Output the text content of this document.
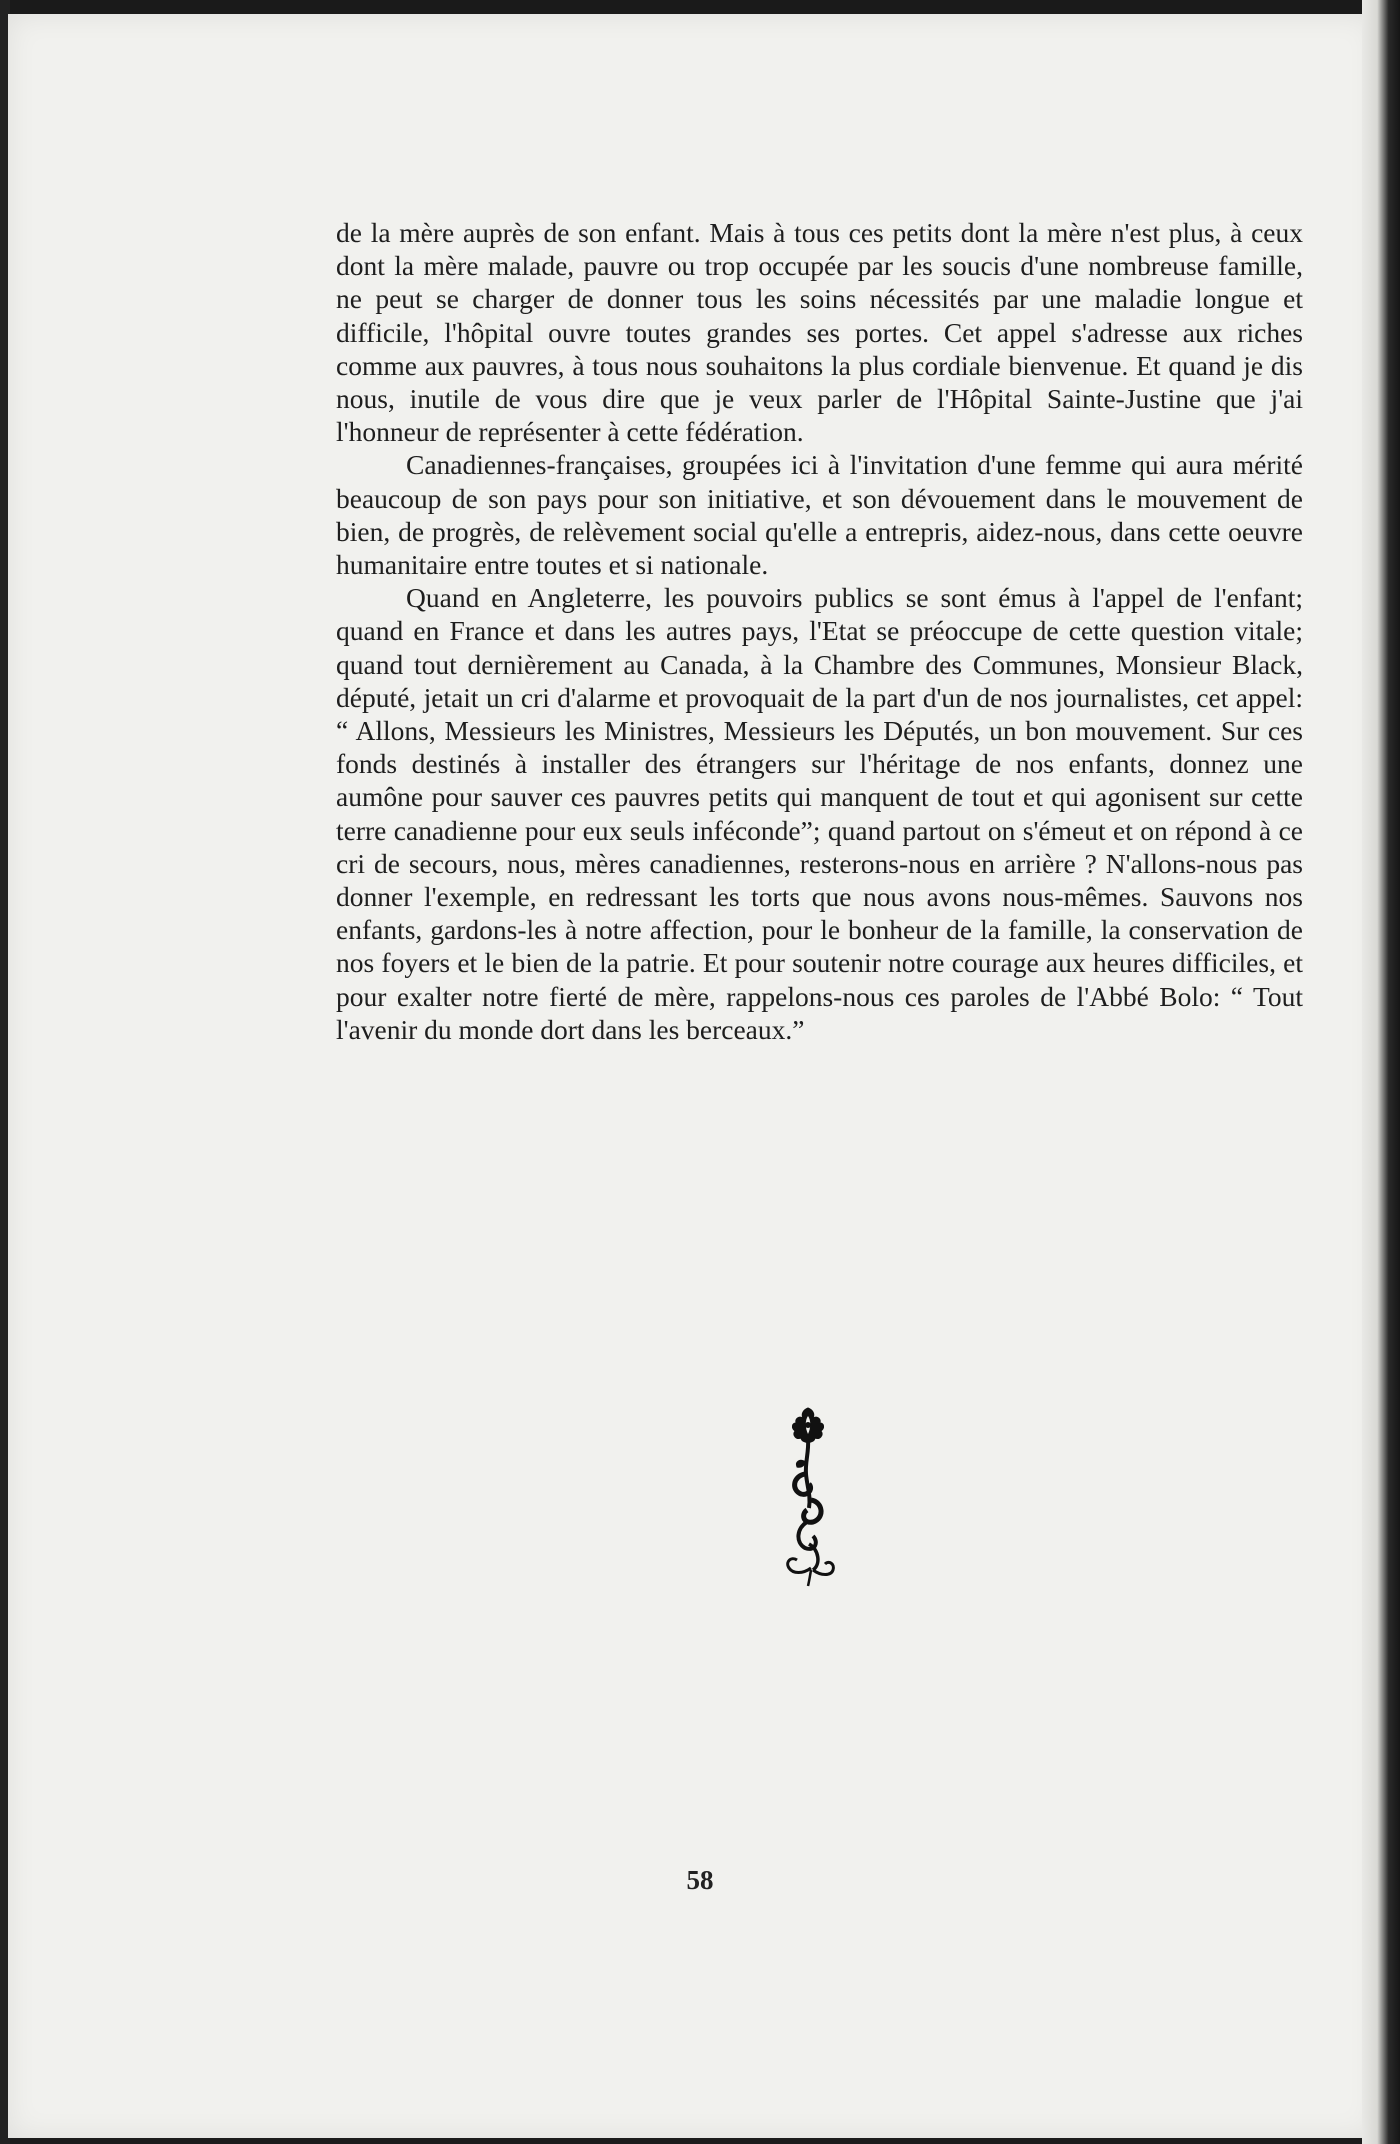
de la mère auprès de son enfant. Mais à tous ces petits dont la mère n'est plus, à ceux dont la mère malade, pauvre ou trop occupée par les soucis d'une nombreuse famille, ne peut se charger de donner tous les soins nécessités par une maladie longue et difficile, l'hôpital ouvre toutes grandes ses portes. Cet appel s'adresse aux riches comme aux pauvres, à tous nous souhaitons la plus cordiale bienvenue. Et quand je dis nous, inutile de vous dire que je veux parler de l'Hôpital Sainte-Justine que j'ai l'honneur de représenter à cette fédération.

Canadiennes-françaises, groupées ici à l'invitation d'une femme qui aura mérité beaucoup de son pays pour son initiative, et son dévouement dans le mouvement de bien, de progrès, de relèvement social qu'elle a entrepris, aidez-nous, dans cette oeuvre humanitaire entre toutes et si nationale.

Quand en Angleterre, les pouvoirs publics se sont émus à l'appel de l'enfant; quand en France et dans les autres pays, l'Etat se préoccupe de cette question vitale; quand tout dernièrement au Canada, à la Chambre des Communes, Monsieur Black, député, jetait un cri d'alarme et provoquait de la part d'un de nos journalistes, cet appel: “ Allons, Messieurs les Ministres, Messieurs les Députés, un bon mouvement. Sur ces fonds destinés à installer des étrangers sur l'héritage de nos enfants, donnez une aumône pour sauver ces pauvres petits qui manquent de tout et qui agonisent sur cette terre canadienne pour eux seuls inféconde”; quand partout on s'émeut et on répond à ce cri de secours, nous, mères canadiennes, resterons-nous en arrière ? N'allons-nous pas donner l'exemple, en redressant les torts que nous avons nous-mêmes. Sauvons nos enfants, gardons-les à notre affection, pour le bonheur de la famille, la conservation de nos foyers et le bien de la patrie. Et pour soutenir notre courage aux heures difficiles, et pour exalter notre fierté de mère, rappelons-nous ces paroles de l'Abbé Bolo: “ Tout l'avenir du monde dort dans les berceaux.”

58
